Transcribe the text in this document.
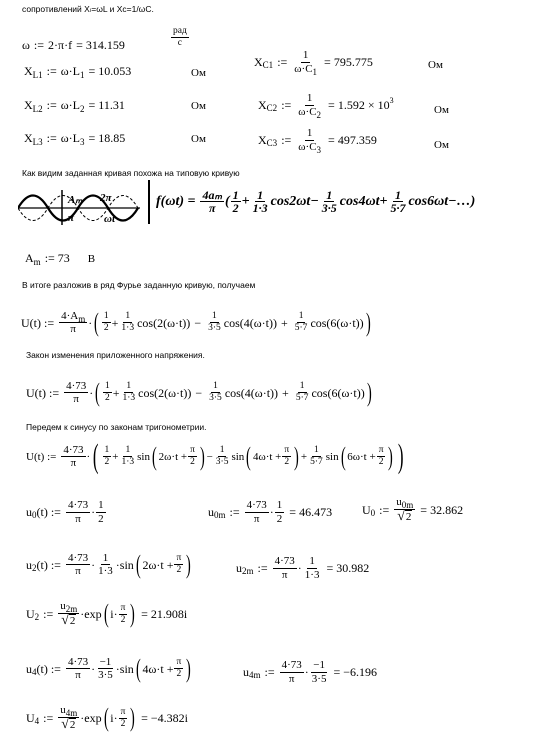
сопротивлений Xₗ=ωL и Xᴄ=1/ωC.
ω := 2·π·f = 314.159	$\frac{\text{рад}}{с}$
X L1 := ω·L 1 = 10.053	Ом
X L2 := ω·L 2 = 11.31	Ом
X L3 := ω·L 3 = 18.85	Ом
X C1 := $\frac{1}{\omega\cdot C_1} = 795.775$	Ом
X C2 := $\frac{1}{\omega\cdot C_2} = 1.592 \times 10$ 3
Ом
X C3 := $\frac{1}{\omega\cdot C_3} = 497.359$	Ом
Как видим заданная кривая похожа на типовую кривую
Aₘ 2π
π	ωt
$f(\omega t) = \frac{\text{4aₘ}}{\pi}$ ( $\frac{1}{2} + \frac{1}{1\cdot 3} \cos 2\omega t - \frac{1}{3\cdot 5} \cos 4\omega t + \frac{1}{5\cdot 7} \cos 6\omega t$ − …)
A m := 73 В
В итоге разложив в ряд Фурье заданную кривую, получаем
U(t) := $\frac{4\cdot A_m}{\pi}$ · ( $\frac{1}{2} + \frac{1}{1\cdot 3} \cos(2(\omega\cdot t)) - \frac{1}{3\cdot 5} \cos(4(\omega\cdot t)) + \frac{1}{5\cdot 7} \cos(6(\omega\cdot t))$ )
Закон изменения приложенного напряжения.
U(t) := $\frac{4\cdot 73}{\pi}$ · ( $\frac{1}{2} + \frac{1}{1\cdot 3} \cos(2(\omega\cdot t)) - \frac{1}{3\cdot 5} \cos(4(\omega\cdot t)) + \frac{1}{5\cdot 7} \cos(6(\omega\cdot t))$ )
Передем к синусу по законам тригонометрии.
U(t) := $\frac{4\cdot 73}{\pi}$ · ( $\frac{1}{2} + \frac{1}{1\cdot 3}$ sin ( $2\omega\cdot t + \frac{\pi}{2}$ ) − $\frac{1}{3\cdot 5}$ sin ( $4\omega\cdot t + \frac{\pi}{2}$ ) + $\frac{1}{5\cdot 7}$ sin ( $6\omega\cdot t + \frac{\pi}{2}$ ) )
u 0 (t) := $\frac{4\cdot 73}{\pi} \cdot \frac{1}{2}$	u 0m := $\frac{4\cdot 73}{\pi} \cdot \frac{1}{2} = 46.473$ U 0 := $\frac{u_{0m}}{√ 2} = 32.862$
u 2 (t) := $\frac{4\cdot 73}{\pi} \cdot \frac{1}{1\cdot 3} \cdot \sin$ ( $2\omega\cdot t + \frac{\pi}{2}$ )	u 2m := $\frac{4\cdot 73}{\pi} \cdot \frac{1}{1\cdot 3} = 30.982$
U 2 := $\frac{u_{2m}}{√ 2} \cdot\exp$ ( $i\cdot \frac{\pi}{2}$ ) = 21.908i
u 4 (t) := $\frac{4\cdot 73}{\pi} \cdot \frac{-1}{3\cdot 5} \cdot \sin$ ( $4\omega\cdot t + \frac{\pi}{2}$ )	u 4m := $\frac{4\cdot 73}{\pi} \cdot \frac{-1}{3\cdot 5} = -6.196$
U 4 := $\frac{u_{4m}}{√ 2} \cdot\exp$ ( $i\cdot \frac{\pi}{2}$ ) = −4.382i
